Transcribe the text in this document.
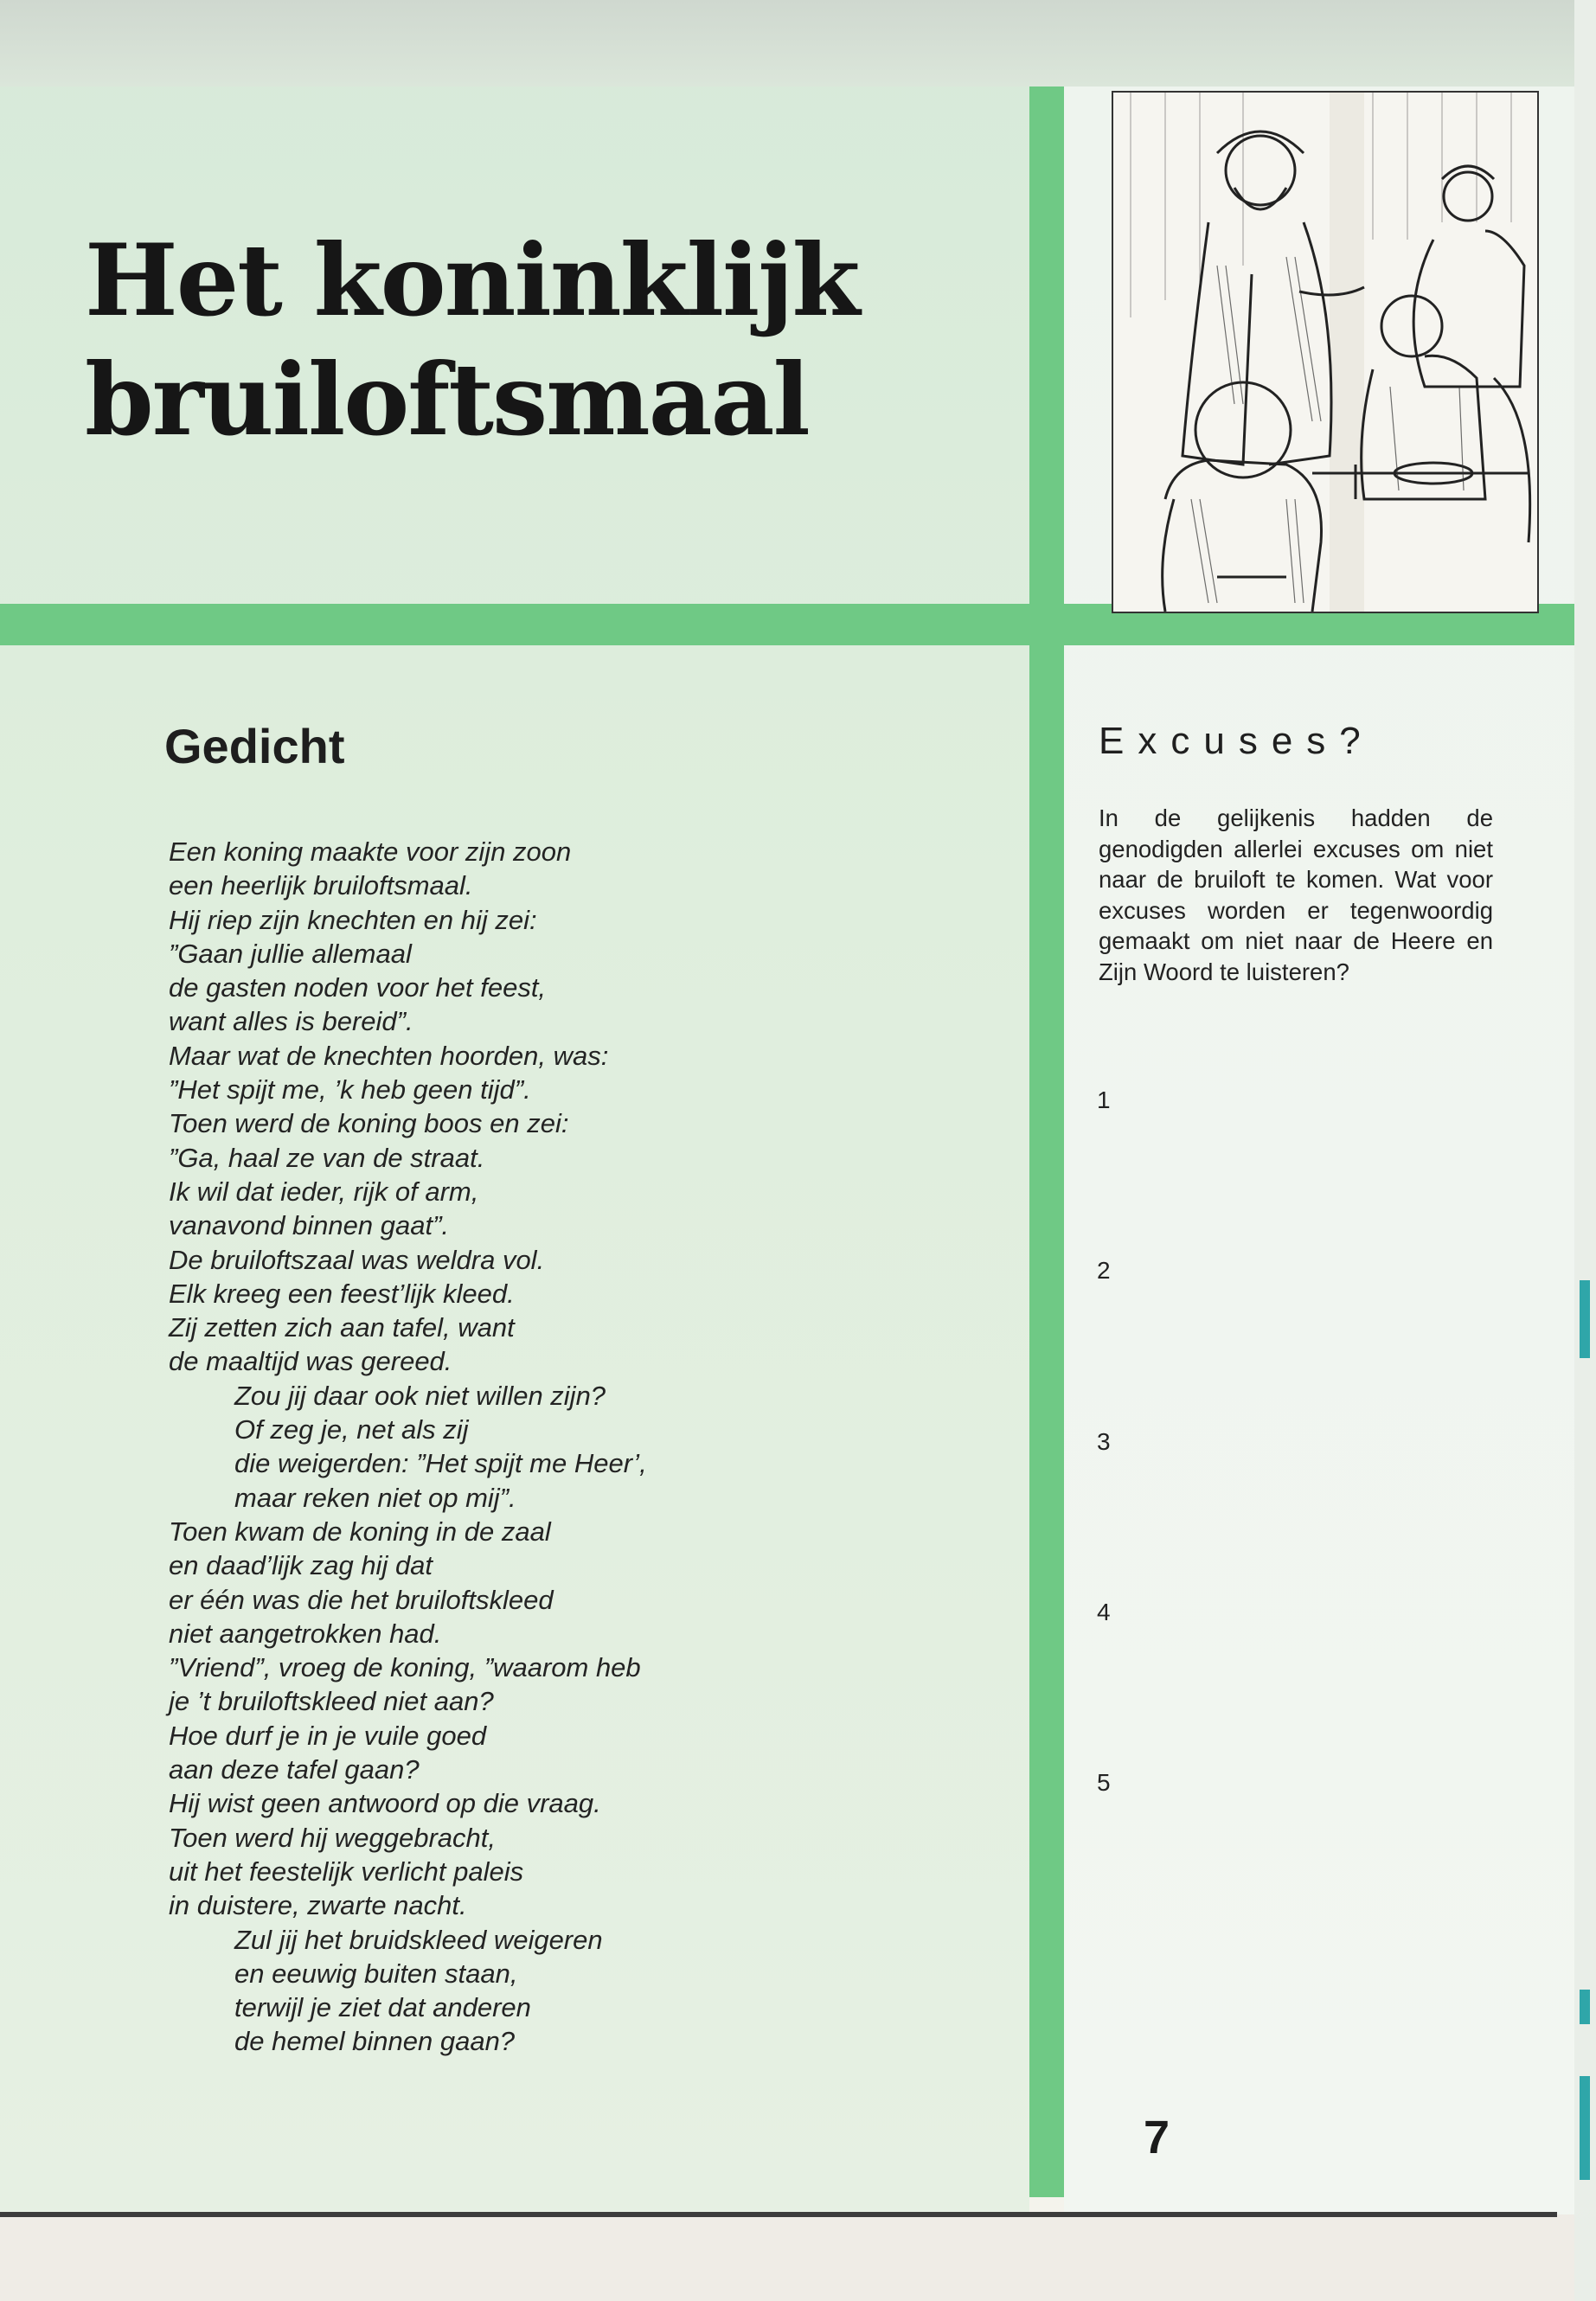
Het koninklijk
bruiloftsmaal
Gedicht
Een koning maakte voor zijn zoon
een heerlijk bruiloftsmaal.
Hij riep zijn knechten en hij zei:
”Gaan jullie allemaal
de gasten noden voor het feest,
want alles is bereid”.
Maar wat de knechten hoorden, was:
”Het spijt me, ’k heb geen tijd”.
Toen werd de koning boos en zei:
”Ga, haal ze van de straat.
Ik wil dat ieder, rijk of arm,
vanavond binnen gaat”.
De bruiloftszaal was weldra vol.
Elk kreeg een feest’lijk kleed.
Zij zetten zich aan tafel, want
de maaltijd was gereed.
Zou jij daar ook niet willen zijn?
Of zeg je, net als zij
die weigerden: ”Het spijt me Heer’,
maar reken niet op mij”.
Toen kwam de koning in de zaal
en daad’lijk zag hij dat
er één was die het bruiloftskleed
niet aangetrokken had.
”Vriend”, vroeg de koning, ”waarom heb
je ’t bruiloftskleed niet aan?
Hoe durf je in je vuile goed
aan deze tafel gaan?
Hij wist geen antwoord op die vraag.
Toen werd hij weggebracht,
uit het feestelijk verlicht paleis
in duistere, zwarte nacht.
Zul jij het bruidskleed weigeren
en eeuwig buiten staan,
terwijl je ziet dat anderen
de hemel binnen gaan?
Excuses?

In de gelijkenis hadden de genodigden allerlei excuses om niet naar de bruiloft te komen. Wat voor excuses worden er tegenwoordig gemaakt om niet naar de Heere en Zijn Woord te luisteren?

1
2
3
4
5
7
